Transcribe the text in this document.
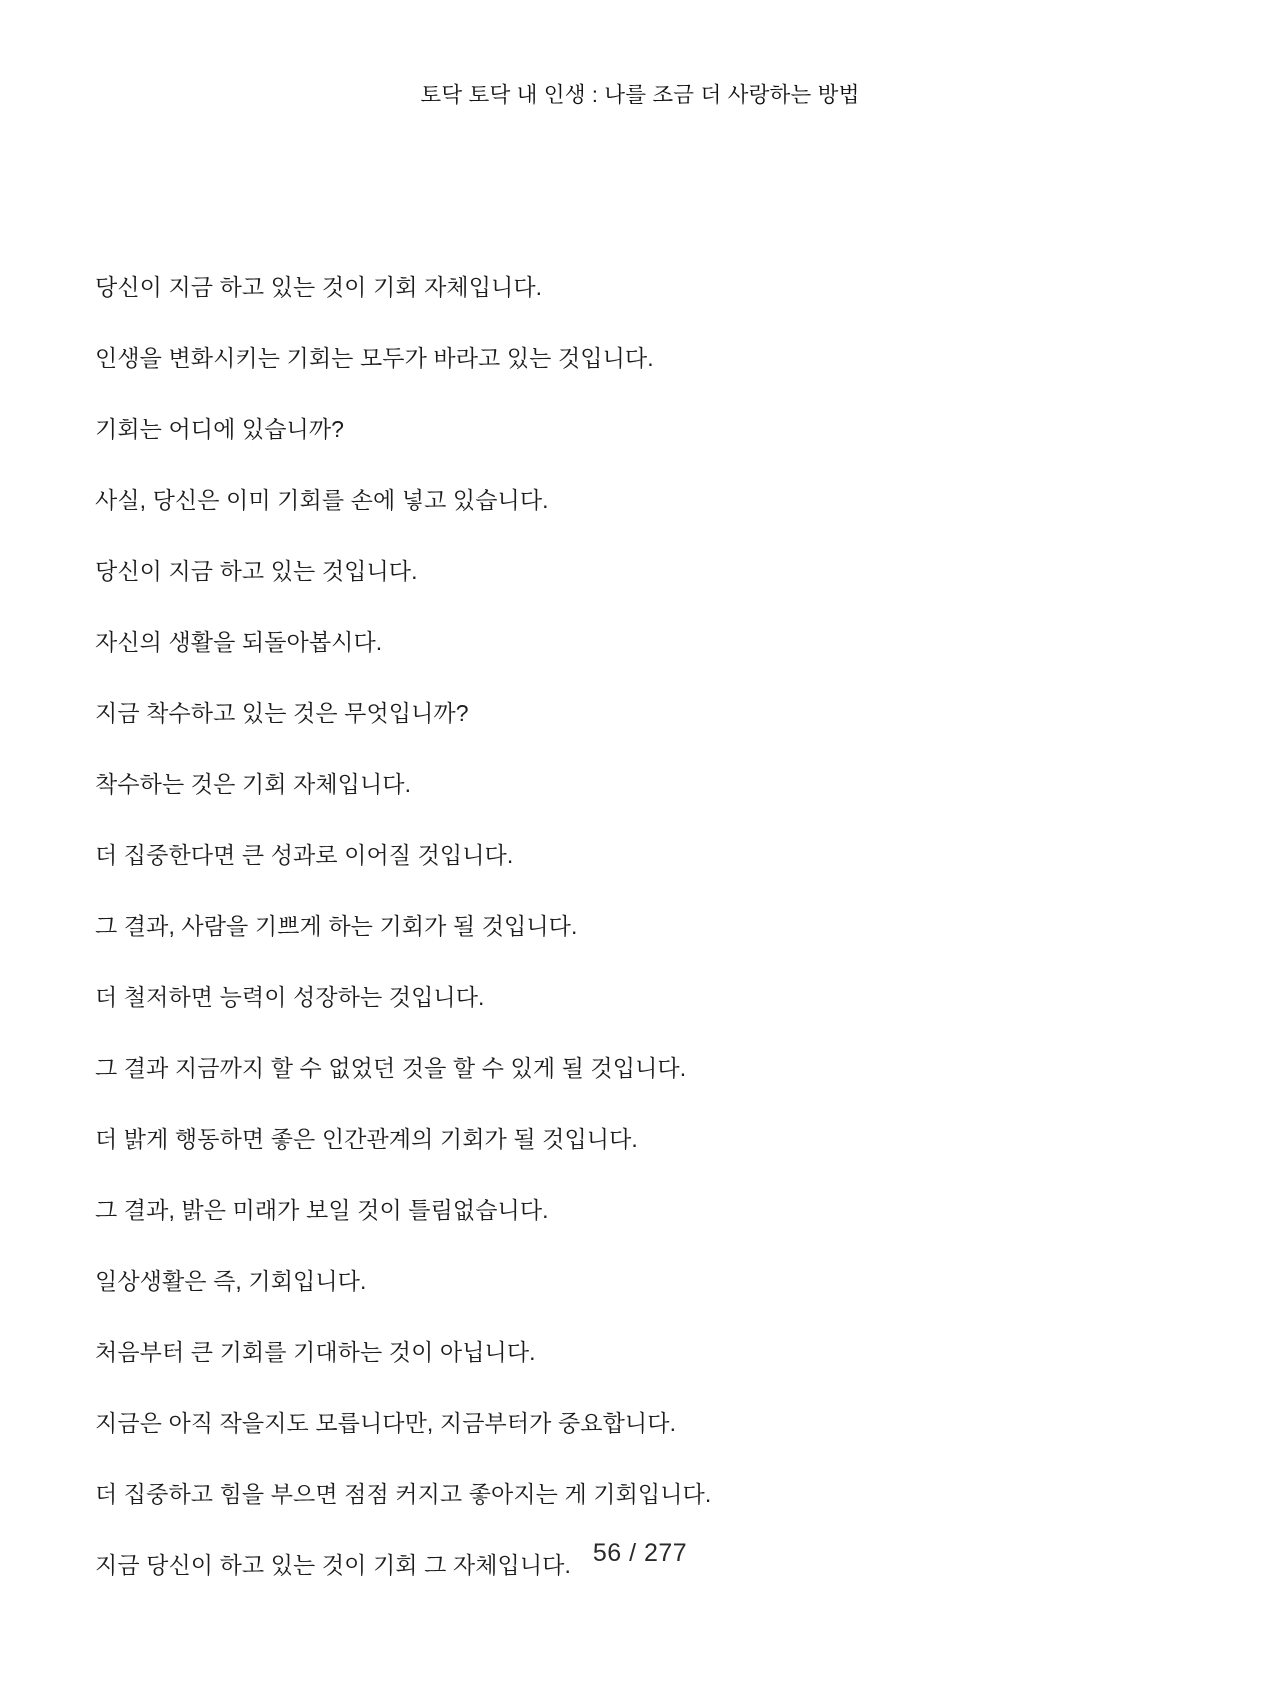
토닥 토닥 내 인생 : 나를 조금 더 사랑하는 방법

당신이 지금 하고 있는 것이 기회 자체입니다.

인생을 변화시키는 기회는 모두가 바라고 있는 것입니다.

기회는 어디에 있습니까?

사실, 당신은 이미 기회를 손에 넣고 있습니다.

당신이 지금 하고 있는 것입니다.

자신의 생활을 되돌아봅시다.

지금 착수하고 있는 것은 무엇입니까?

착수하는 것은 기회 자체입니다.

더 집중한다면 큰 성과로 이어질 것입니다.

그 결과, 사람을 기쁘게 하는 기회가 될 것입니다.

더 철저하면 능력이 성장하는 것입니다.

그 결과 지금까지 할 수 없었던 것을 할 수 있게 될 것입니다.

더 밝게 행동하면 좋은 인간관계의 기회가 될 것입니다.

그 결과, 밝은 미래가 보일 것이 틀림없습니다.

일상생활은 즉, 기회입니다.

처음부터 큰 기회를 기대하는 것이 아닙니다.

지금은 아직 작을지도 모릅니다만, 지금부터가 중요합니다.

더 집중하고 힘을 부으면 점점 커지고 좋아지는 게 기회입니다.

지금 당신이 하고 있는 것이 기회 그 자체입니다. 56 / 277
